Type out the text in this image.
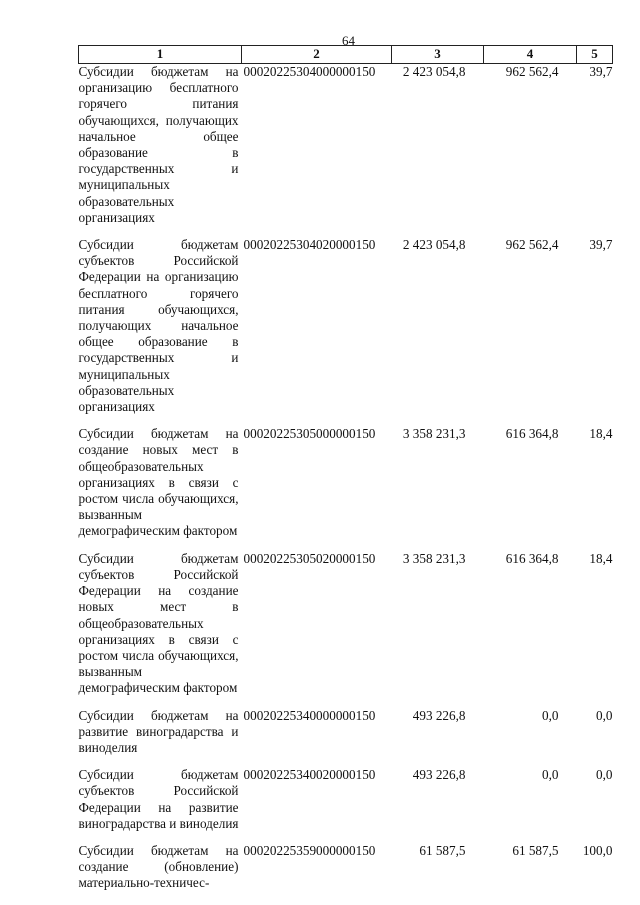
64
1	2	3	4	5
Субсидии бюджетам на организацию бесплатного горячего питания обучающихся, получающих начальное общее образование в государственных и муниципальных образовательных организациях	00020225304000000150	2 423 054,8	962 562,4	39,7
Субсидии бюджетам субъектов Российской Федерации на организацию бесплатного горячего питания обучающихся, получающих начальное общее образование в государственных и муниципальных образовательных организациях	00020225304020000150	2 423 054,8	962 562,4	39,7
Субсидии бюджетам на создание новых мест в общеобразовательных организациях в связи с ростом числа обучающихся, вызванным демографическим фактором	00020225305000000150	3 358 231,3	616 364,8	18,4
Субсидии бюджетам субъектов Российской Федерации на создание новых мест в общеобразовательных организациях в связи с ростом числа обучающихся, вызванным демографическим фактором	00020225305020000150	3 358 231,3	616 364,8	18,4
Субсидии бюджетам на развитие виноградарства и виноделия	00020225340000000150	493 226,8	0,0	0,0
Субсидии бюджетам субъектов Российской Федерации на развитие виноградарства и виноделия	00020225340020000150	493 226,8	0,0	0,0
Субсидии бюджетам на создание (обновление) материально-техничес-	00020225359000000150	61 587,5	61 587,5	100,0
